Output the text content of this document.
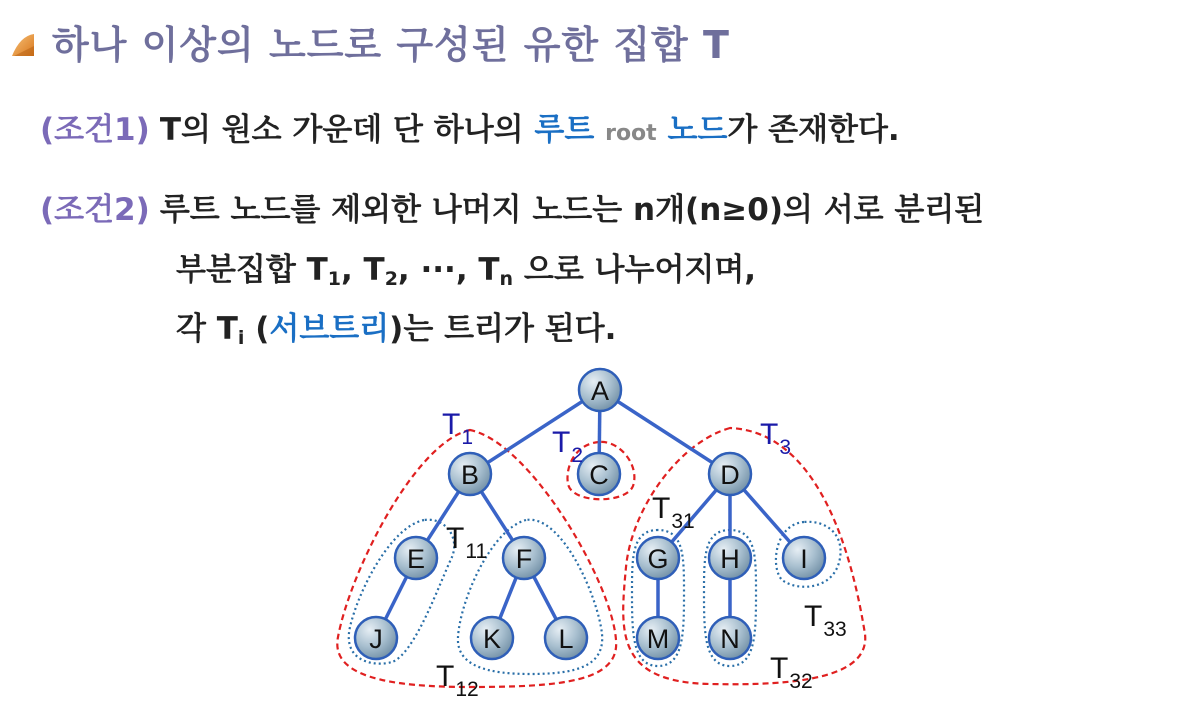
하나 이상의 노드로 구성된 유한 집합 T
(조건1) T의 원소 가운데 단 하나의 루트 root 노드가 존재한다.
(조건2) 루트 노드를 제외한 나머지 노드는 n개(n≥0)의 서로 분리된
부분집합 $T_1$, $T_2$, ···, $T_n$ 으로 나누어지며,
각 $T_i$ (서브트리)는 트리가 된다.
A
B	C	D
E	F	G H I
J	K L	M N
$T_1$	$T_2$
$T_3$
$T_{11}$
$T_{12}$
$T_{31}$
$T_{32}$
$T_{33}$
